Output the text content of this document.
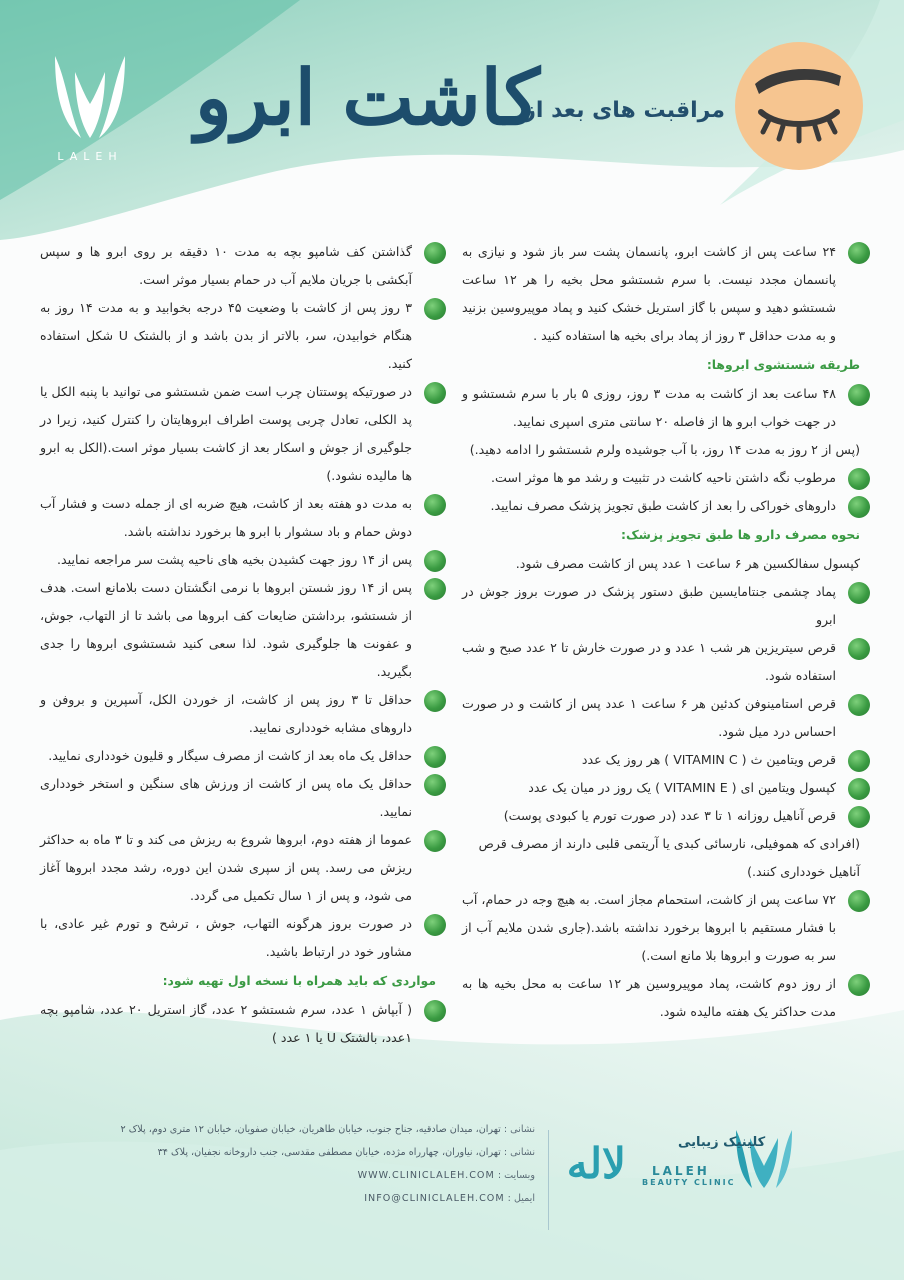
LALEH
مراقبت های بعد از
کاشت ابرو
۲۴ ساعت پس از کاشت ابرو، پانسمان پشت سر باز شود و نیازی به پانسمان مجدد نیست. با سرم شستشو محل بخیه را هر ۱۲ ساعت شستشو دهید و سپس با گاز استریل خشک کنید و پماد موپیروسین بزنید و به مدت حداقل ۳ روز از پماد برای بخیه ها استفاده کنید .
طریقه شستشوی ابروها:
۴۸ ساعت بعد از کاشت به مدت ۳ روز، روزی ۵ بار با سرم شستشو و در جهت خواب ابرو ها از فاصله ۲۰ سانتی متری اسپری نمایید.
(پس از ۲ روز به مدت ۱۴ روز، با آب جوشیده ولرم شستشو را ادامه دهید.)
مرطوب نگه داشتن ناحیه کاشت در تثبیت و رشد مو ها موثر است.
داروهای خوراکی را بعد از کاشت طبق تجویز پزشک مصرف نمایید.
نحوه مصرف دارو ها طبق تجویز پزشک:
کپسول سفالکسین هر ۶ ساعت ۱ عدد پس از کاشت مصرف شود.
پماد چشمی جنتامایسین طبق دستور پزشک در صورت بروز جوش در ابرو
قرص سیتریزین هر شب ۱ عدد و در صورت خارش تا ۲ عدد صبح و شب استفاده شود.
قرص استامینوفن کدئین هر ۶ ساعت ۱ عدد پس از کاشت و در صورت احساس درد میل شود.
قرص ویتامین ث ( VITAMIN C ) هر روز یک عدد
کپسول ویتامین ای ( VITAMIN E ) یک روز در میان یک عدد
قرص آناهیل روزانه ۱ تا ۳ عدد (در صورت تورم یا کبودی پوست)
(افرادی که هموفیلی، نارسائی کبدی یا آریتمی قلبی دارند از مصرف قرص آناهیل خودداری کنند.)
۷۲ ساعت پس از کاشت، استحمام مجاز است. به هیچ وجه در حمام، آب با فشار مستقیم با ابروها برخورد نداشته باشد.(جاری شدن ملایم آب از سر به صورت و ابروها بلا مانع است.)
از روز دوم کاشت، پماد موپیروسین هر ۱۲ ساعت به محل بخیه ها به مدت حداکثر یک هفته مالیده شود.
گذاشتن کف شامپو بچه به مدت ۱۰ دقیقه بر روی ابرو ها و سپس آبکشی با جریان ملایم آب در حمام بسیار موثر است.
۳ روز پس از کاشت با وضعیت ۴۵ درجه بخوابید و به مدت ۱۴ روز به هنگام خوابیدن، سر، بالاتر از بدن باشد و از بالشتک U شکل استفاده کنید.
در صورتیکه پوستتان چرب است ضمن شستشو می توانید با پنبه الکل یا پد الکلی، تعادل چربی پوست اطراف ابروهایتان را کنترل کنید، زیرا در جلوگیری از جوش و اسکار بعد از کاشت بسیار موثر است.(الکل به ابرو ها مالیده نشود.)
به مدت دو هفته بعد از کاشت، هیچ ضربه ای از جمله دست و فشار آب دوش حمام و باد سشوار با ابرو ها برخورد نداشته باشد.
پس از ۱۴ روز جهت کشیدن بخیه های ناحیه پشت سر مراجعه نمایید.
پس از ۱۴ روز شستن ابروها با نرمی انگشتان دست بلامانع است. هدف از شستشو، برداشتن ضایعات کف ابروها می باشد تا از التهاب، جوش، و عفونت ها جلوگیری شود. لذا سعی کنید شستشوی ابروها را جدی بگیرید.
حداقل تا ۳ روز پس از کاشت، از خوردن الکل، آسپرین و بروفن و داروهای مشابه خودداری نمایید.
حداقل یک ماه بعد از کاشت از مصرف سیگار و قلیون خودداری نمایید.
حداقل یک ماه پس از کاشت از ورزش های سنگین و استخر خودداری نمایید.
عموما از هفته دوم، ابروها شروع به ریزش می کند و تا ۳ ماه به حداکثر ریزش می رسد. پس از سپری شدن این دوره، رشد مجدد ابروها آغاز می شود، و پس از ۱ سال تکمیل می گردد.
در صورت بروز هرگونه التهاب، جوش ، ترشح و تورم غیر عادی، با مشاور خود در ارتباط باشید.
مواردی که باید همراه با نسخه اول تهیه شود:
( آبپاش ۱ عدد، سرم شستشو ۲ عدد، گاز استریل ۲۰ عدد، شامپو بچه ۱عدد، بالشتک U یا ۱ عدد )
نشانی : تهران، میدان صادقیه، جناح جنوب، خیابان طاهریان، خیابان صفویان، خیابان ۱۲ متری دوم، پلاک ۲
نشانی : تهران، نیاوران، چهارراه مژده، خیابان مصطفی مقدسی، جنب داروخانه نجفیان، پلاک ۳۴
وبسایت : WWW.CLINICLALEH.COM
ایمیل : INFO@CLINICLALEH.COM
لاله	کلینیک زیبایی
LALEH
BEAUTY CLINIC
